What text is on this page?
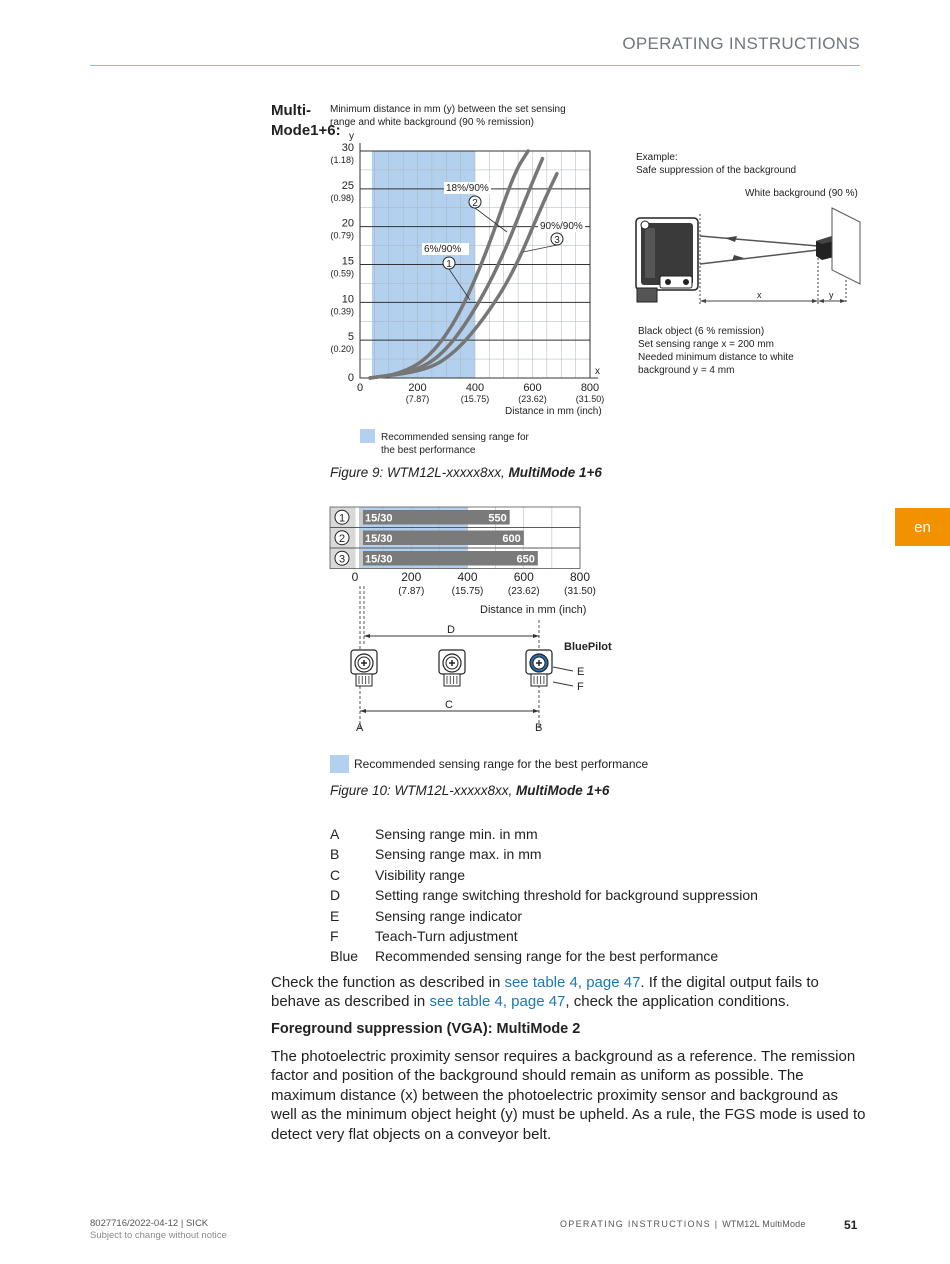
OPERATING INSTRUCTIONS
en
Multi-Mode1+6:
Minimum distance in mm (y) between the set sensing
range and white background (90 % remission)
y
30
(1.18)
25
(0.98)
20
(0.79)
15
(0.59)
10
(0.39)
5
(0.20)
0
0	200
(7.87)
400
(15.75)
600
(23.62)
800
(31.50)
6%/90%
1
18%/90%
2
90%/90%
3
x
Distance in mm (inch)
Recommended sensing range for
the best performance
Example:
Safe suppression of the background
White background (90 %)
x	y
Black object (6 % remission)
Set sensing range x = 200 mm
Needed minimum distance to white
background y = 4 mm
Figure 9: WTM12L-xxxxx8xx, MultiMode 1+6
1 15/30	550
2 15/30	600
3 15/30	650
0	200
(7.87)
400
(15.75)
600
(23.62)
800
(31.50)
Distance in mm (inch)
D
BluePilot
E
F
C
A	B
Recommended sensing range for the best performance
Figure 10: WTM12L-xxxxx8xx, MultiMode 1+6
A	Sensing range min. in mm
B	Sensing range max. in mm
C	Visibility range
D	Setting range switching threshold for background suppression
E	Sensing range indicator
F	Teach-Turn adjustment
Blue	Recommended sensing range for the best performance
Check the function as described in see table 4, page 47. If the digital output fails to behave as described in see table 4, page 47, check the application conditions.
Foreground suppression (VGA): MultiMode 2
The photoelectric proximity sensor requires a background as a reference. The remission factor and position of the background should remain as uniform as possible. The maximum distance (x) between the photoelectric proximity sensor and background as well as the minimum object height (y) must be upheld. As a rule, the FGS mode is used to detect very flat objects on a conveyor belt.
8027716/2022-04-12 | SICK
Subject to change without notice
OPERATING INSTRUCTIONS | WTM12L MultiMode	51
